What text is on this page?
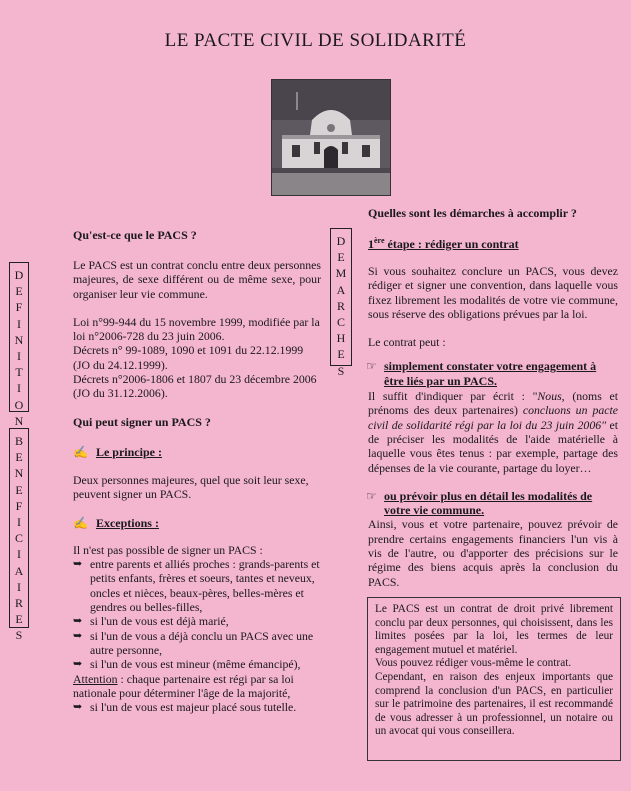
LE PACTE CIVIL DE SOLIDARITÉ
D
E
F
I
N
I
T
I
O
N
B
E
N
E
F
I
C
I
A
I
R
E
S
D
E
M
A
R
C
H
E
S
Qu'est-ce que le PACS ?

Le PACS est un contrat conclu entre deux personnes majeures, de sexe différent ou de même sexe, pour organiser leur vie commune.

Loi n°99-944 du 15 novembre 1999, modifiée par la loi n°2006-728 du 23 juin 2006.

Décrets n° 99-1089, 1090 et 1091 du 22.12.1999 (JO du 24.12.1999).

Décrets n°2006-1806 et 1807 du 23 décembre 2006 (JO du 31.12.2006).

Qui peut signer un PACS ?
✍ Le principe :

Deux personnes majeures, quel que soit leur sexe, peuvent signer un PACS.

✍ Exceptions :

Il n'est pas possible de signer un PACS :

➥ entre parents et alliés proches : grands-parents et petits enfants, frères et soeurs, tantes et neveux, oncles et nièces, beaux-pères, belles-mères et gendres ou belles-filles,
➥ si l'un de vous est déjà marié,
➥ si l'un de vous a déjà conclu un PACS avec une autre personne,
➥ si l'un de vous est mineur (même émancipé),

Attention : chaque partenaire est régi par sa loi nationale pour déterminer l'âge de la majorité,

➥ si l'un de vous est majeur placé sous tutelle.
Quelles sont les démarches à accomplir ?
1ère étape : rédiger un contrat

Si vous souhaitez conclure un PACS, vous devez rédiger et signer une convention, dans laquelle vous fixez librement les modalités de votre vie commune, sous réserve des obligations prévues par la loi.

Le contrat peut :

☞ simplement constater votre engagement à être liés par un PACS.

Il suffit d'indiquer par écrit : "Nous, (noms et prénoms des deux partenaires) concluons un pacte civil de solidarité régi par la loi du 23 juin 2006" et de préciser les modalités de l'aide matérielle à laquelle vous êtes tenus : par exemple, partage des dépenses de la vie courante, partage du loyer…

☞ ou prévoir plus en détail les modalités de votre vie commune.

Ainsi, vous et votre partenaire, pouvez prévoir de prendre certains engagements financiers l'un vis à vis de l'autre, ou d'apporter des précisions sur le régime des biens acquis après la conclusion du PACS.

Le PACS est un contrat de droit privé librement conclu par deux personnes, qui choisissent, dans les limites posées par la loi, les termes de leur engagement mutuel et matériel.

Vous pouvez rédiger vous-même le contrat.

Cependant, en raison des enjeux importants que comprend la conclusion d'un PACS, en particulier sur le patrimoine des partenaires, il est recommandé de vous adresser à un professionnel, un notaire ou un avocat qui vous conseillera.
